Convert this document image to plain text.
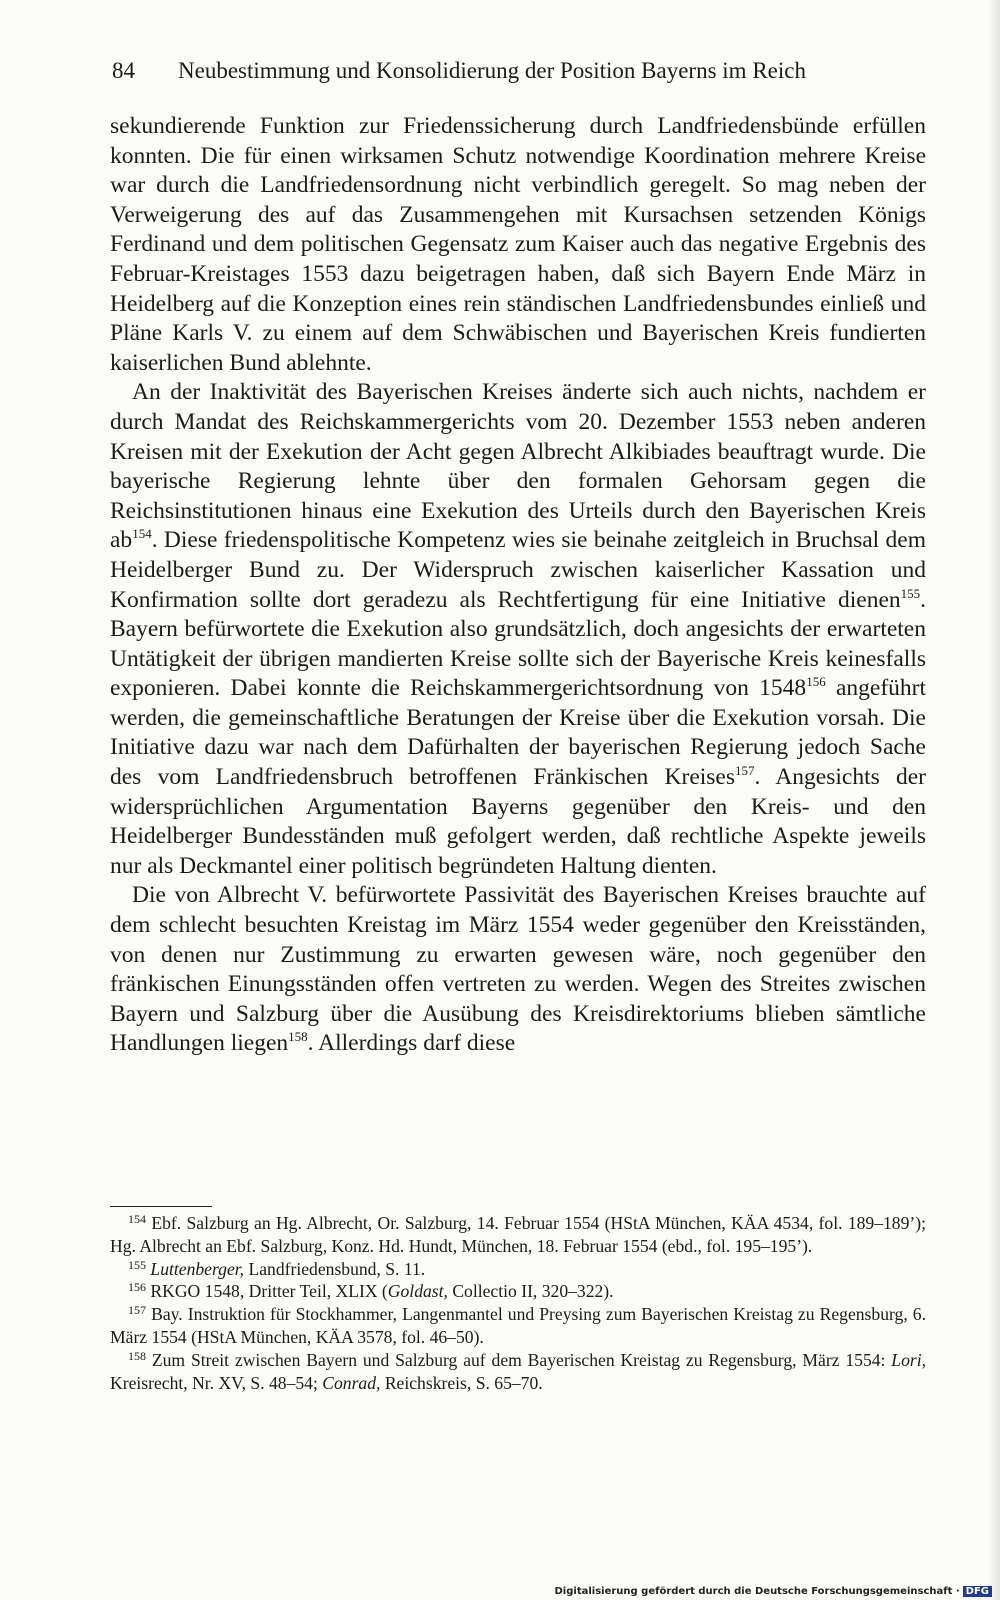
84 Neubestimmung und Konsolidierung der Position Bayerns im Reich

sekundierende Funktion zur Friedenssicherung durch Landfriedensbünde erfüllen konnten. Die für einen wirksamen Schutz notwendige Koordination mehrere Kreise war durch die Landfriedensordnung nicht verbindlich geregelt. So mag neben der Verweigerung des auf das Zusammengehen mit Kursachsen setzenden Königs Ferdinand und dem politischen Gegensatz zum Kaiser auch das negative Ergebnis des Februar-Kreistages 1553 dazu beigetragen haben, daß sich Bayern Ende März in Heidelberg auf die Konzeption eines rein ständischen Landfriedensbundes einließ und Pläne Karls V. zu einem auf dem Schwäbischen und Bayerischen Kreis fundierten kaiserlichen Bund ablehnte.

An der Inaktivität des Bayerischen Kreises änderte sich auch nichts, nachdem er durch Mandat des Reichskammergerichts vom 20. Dezember 1553 neben anderen Kreisen mit der Exekution der Acht gegen Albrecht Alkibiades beauftragt wurde. Die bayerische Regierung lehnte über den formalen Gehorsam gegen die Reichsinstitutionen hinaus eine Exekution des Urteils durch den Bayerischen Kreis $ab^{154}$. Diese friedenspolitische Kompetenz wies sie beinahe zeitgleich in Bruchsal dem Heidelberger Bund zu. Der Widerspruch zwischen kaiserlicher Kassation und Konfirmation sollte dort geradezu als Rechtfertigung für eine Initiative dienen$^{155}$. Bayern befürwortete die Exekution also grundsätzlich, doch angesichts der erwarteten Untätigkeit der übrigen mandierten Kreise sollte sich der Bayerische Kreis keinesfalls exponieren. Dabei konnte die Reichskammergerichtsordnung von 1548$^{156}$ angeführt werden, die gemeinschaftliche Beratungen der Kreise über die Exekution vorsah. Die Initiative dazu war nach dem Dafürhalten der bayerischen Regierung jedoch Sache des vom Landfriedensbruch betroffenen Fränkischen Kreises$^{157}$. Angesichts der widersprüchlichen Argumentation Bayerns gegenüber den Kreis- und den Heidelberger Bundesständen muß gefolgert werden, daß rechtliche Aspekte jeweils nur als Deckmantel einer politisch begründeten Haltung dienten.

Die von Albrecht V. befürwortete Passivität des Bayerischen Kreises brauchte auf dem schlecht besuchten Kreistag im März 1554 weder gegenüber den Kreisständen, von denen nur Zustimmung zu erwarten gewesen wäre, noch gegenüber den fränkischen Einungsständen offen vertreten zu werden. Wegen des Streites zwischen Bayern und Salzburg über die Ausübung des Kreisdirektoriums blieben sämtliche Handlungen liegen$^{158}$. Allerdings darf diese

$^{154}$ Ebf. Salzburg an Hg. Albrecht, Or. Salzburg, 14. Februar 1554 (HStA München, KÄA 4534, fol. 189–189’); Hg. Albrecht an Ebf. Salzburg, Konz. Hd. Hundt, München, 18. Februar 1554 (ebd., fol. 195–195’).

$^{155}$ Luttenberger, Landfriedensbund, S. 11.

$^{156}$ RKGO 1548, Dritter Teil, XLIX (Goldast, Collectio II, 320–322).

$^{157}$ Bay. Instruktion für Stockhammer, Langenmantel und Preysing zum Bayerischen Kreistag zu Regensburg, 6. März 1554 (HStA München, KÄA 3578, fol. 46–50).

$^{158}$ Zum Streit zwischen Bayern und Salzburg auf dem Bayerischen Kreistag zu Regensburg, März 1554: Lori, Kreisrecht, Nr. XV, S. 48–54; Conrad, Reichskreis, S. 65–70.

Digitalisierung gefördert durch die Deutsche Forschungsgemeinschaft · DFG
